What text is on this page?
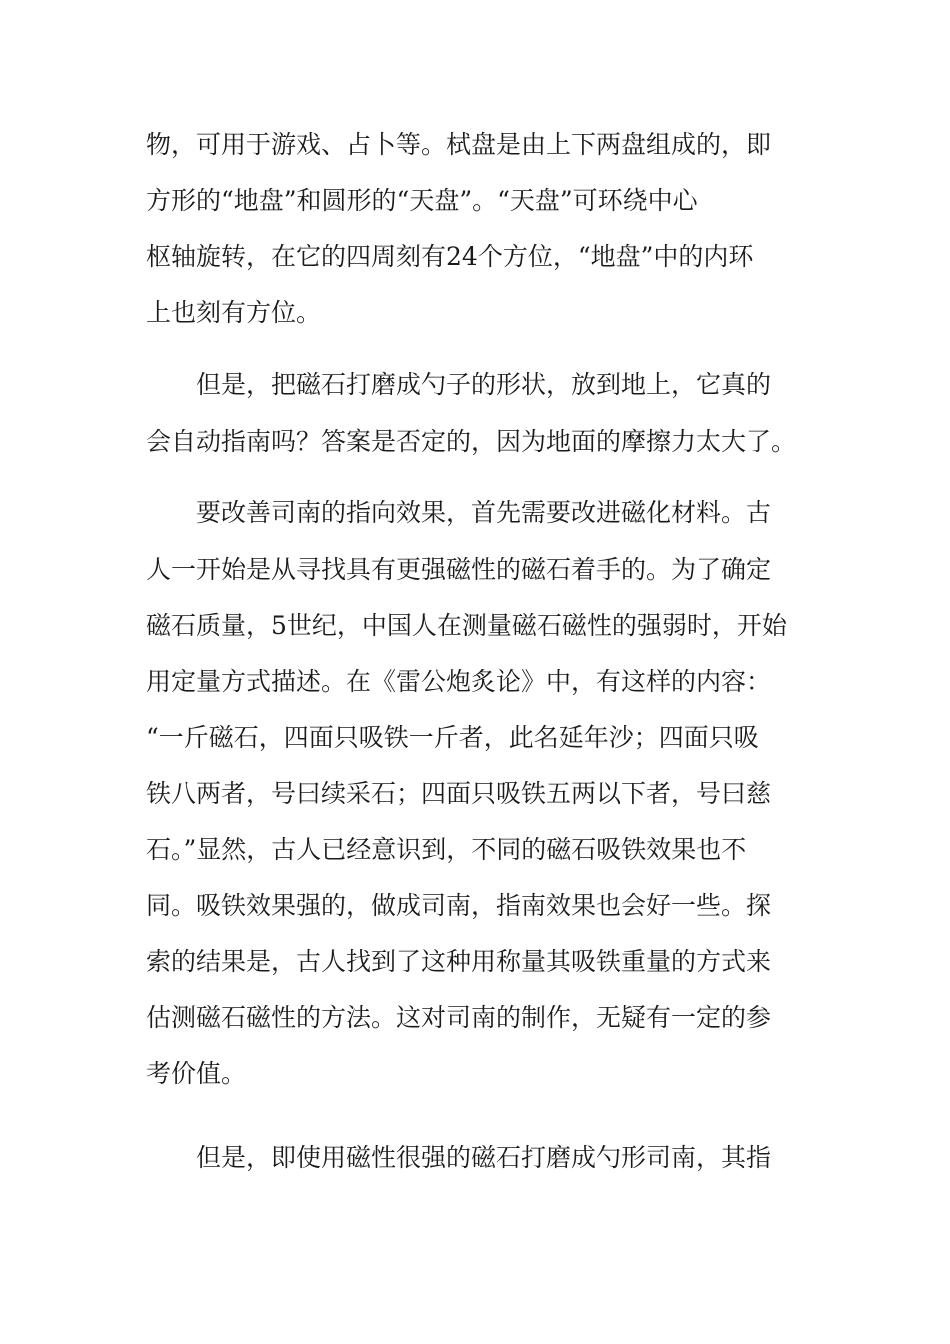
物，可用于游戏、占卜等。栻盘是由上下两盘组成的，即
方形的“地盘”和圆形的“天盘”。“天盘”可环绕中心
枢轴旋转，在它的四周刻有24个方位，“地盘”中的内环
上也刻有方位。
但是，把磁石打磨成勺子的形状，放到地上，它真的
会自动指南吗？答案是否定的，因为地面的摩擦力太大了。
要改善司南的指向效果，首先需要改进磁化材料。古
人一开始是从寻找具有更强磁性的磁石着手的。为了确定
磁石质量，5世纪，中国人在测量磁石磁性的强弱时，开始
用定量方式描述。在《雷公炮炙论》中，有这样的内容：
“一斤磁石，四面只吸铁一斤者，此名延年沙；四面只吸
铁八两者，号曰续采石；四面只吸铁五两以下者，号曰慈
石。”显然，古人已经意识到，不同的磁石吸铁效果也不
同。吸铁效果强的，做成司南，指南效果也会好一些。探
索的结果是，古人找到了这种用称量其吸铁重量的方式来
估测磁石磁性的方法。这对司南的制作，无疑有一定的参
考价值。
但是，即使用磁性很强的磁石打磨成勺形司南，其指
